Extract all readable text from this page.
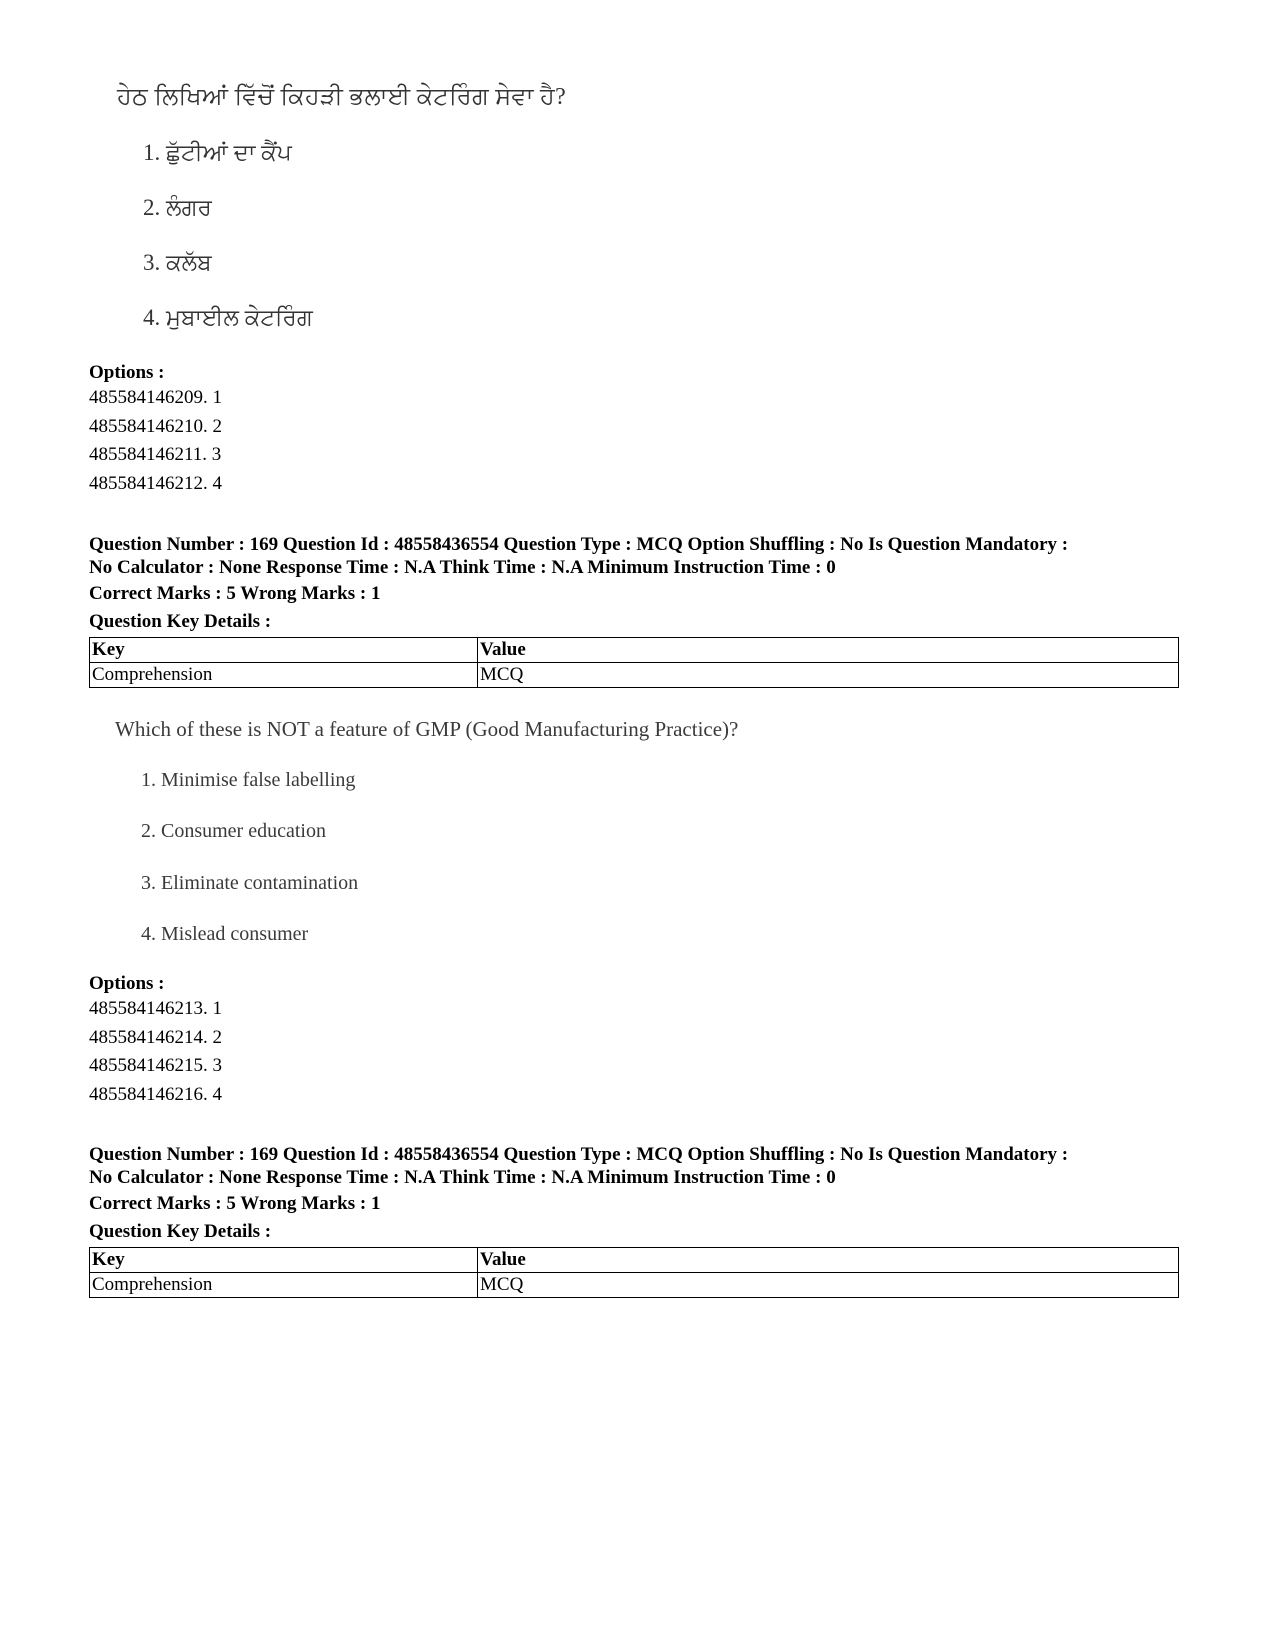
ਹੇਠ ਲਿਖਿਆਂ ਵਿੱਚੋਂ ਕਿਹੜੀ ਭਲਾਈ ਕੇਟਰਿੰਗ ਸੇਵਾ ਹੈ?
1. ਛੁੱਟੀਆਂ ਦਾ ਕੈਂਪ
2. ਲੰਗਰ
3. ਕਲੱਬ
4. ਮੁਬਾਈਲ ਕੇਟਰਿੰਗ
Options :
485584146209. 1
485584146210. 2
485584146211. 3
485584146212. 4
Question Number : 169 Question Id : 48558436554 Question Type : MCQ Option Shuffling : No Is Question Mandatory :
No Calculator : None Response Time : N.A Think Time : N.A Minimum Instruction Time : 0
Correct Marks : 5 Wrong Marks : 1
Question Key Details :
Key	Value
Comprehension	MCQ
Which of these is NOT a feature of GMP (Good Manufacturing Practice)?
1. Minimise false labelling
2. Consumer education
3. Eliminate contamination
4. Mislead consumer
Options :
485584146213. 1
485584146214. 2
485584146215. 3
485584146216. 4
Question Number : 169 Question Id : 48558436554 Question Type : MCQ Option Shuffling : No Is Question Mandatory :
No Calculator : None Response Time : N.A Think Time : N.A Minimum Instruction Time : 0
Correct Marks : 5 Wrong Marks : 1
Question Key Details :
Key	Value
Comprehension	MCQ
